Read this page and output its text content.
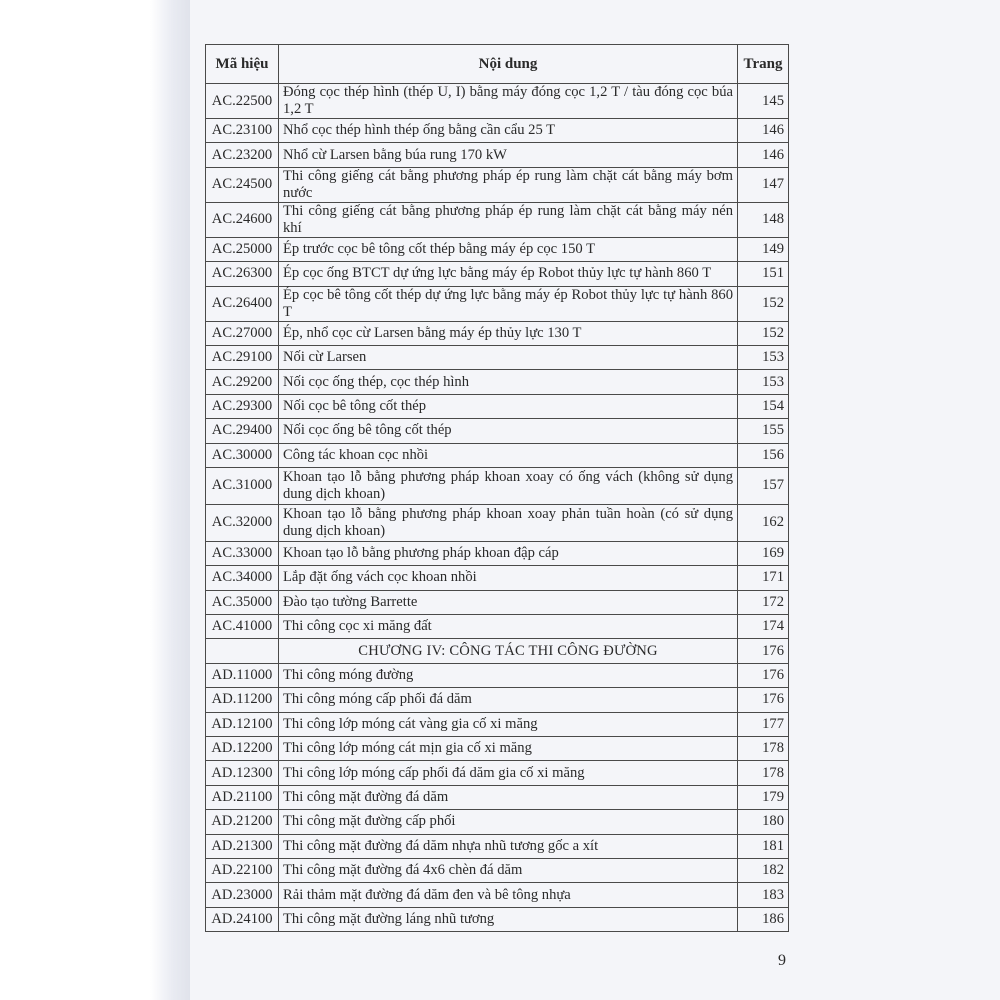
Mã hiệu	Nội dung	Trang
AC.22500	Đóng cọc thép hình (thép U, I) bằng máy đóng cọc 1,2 T / tàu đóng cọc búa 1,2 T	145
AC.23100	Nhổ cọc thép hình thép ống bằng cần cẩu 25 T	146
AC.23200	Nhổ cừ Larsen bằng búa rung 170 kW	146
AC.24500	Thi công giếng cát bằng phương pháp ép rung làm chặt cát bằng máy bơm nước	147
AC.24600	Thi công giếng cát bằng phương pháp ép rung làm chặt cát bằng máy nén khí	148
AC.25000	Ép trước cọc bê tông cốt thép bằng máy ép cọc 150 T	149
AC.26300	Ép cọc ống BTCT dự ứng lực bằng máy ép Robot thủy lực tự hành 860 T	151
AC.26400	Ép cọc bê tông cốt thép dự ứng lực bằng máy ép Robot thủy lực tự hành 860 T	152
AC.27000	Ép, nhổ cọc cừ Larsen bằng máy ép thủy lực 130 T	152
AC.29100	Nối cừ Larsen	153
AC.29200	Nối cọc ống thép, cọc thép hình	153
AC.29300	Nối cọc bê tông cốt thép	154
AC.29400	Nối cọc ống bê tông cốt thép	155
AC.30000	Công tác khoan cọc nhồi	156
AC.31000	Khoan tạo lỗ bằng phương pháp khoan xoay có ống vách (không sử dụng dung dịch khoan)	157
AC.32000	Khoan tạo lỗ bằng phương pháp khoan xoay phản tuần hoàn (có sử dụng dung dịch khoan)	162
AC.33000	Khoan tạo lỗ bằng phương pháp khoan đập cáp	169
AC.34000	Lắp đặt ống vách cọc khoan nhồi	171
AC.35000	Đào tạo tường Barrette	172
AC.41000	Thi công cọc xi măng đất	174
	CHƯƠNG IV: CÔNG TÁC THI CÔNG ĐƯỜNG	176
AD.11000	Thi công móng đường	176
AD.11200	Thi công móng cấp phối đá dăm	176
AD.12100	Thi công lớp móng cát vàng gia cố xi măng	177
AD.12200	Thi công lớp móng cát mịn gia cố xi măng	178
AD.12300	Thi công lớp móng cấp phối đá dăm gia cố xi măng	178
AD.21100	Thi công mặt đường đá dăm	179
AD.21200	Thi công mặt đường cấp phối	180
AD.21300	Thi công mặt đường đá dăm nhựa nhũ tương gốc a xít	181
AD.22100	Thi công mặt đường đá 4x6 chèn đá dăm	182
AD.23000	Rải thảm mặt đường đá dăm đen và bê tông nhựa	183
AD.24100	Thi công mặt đường láng nhũ tương	186
9
